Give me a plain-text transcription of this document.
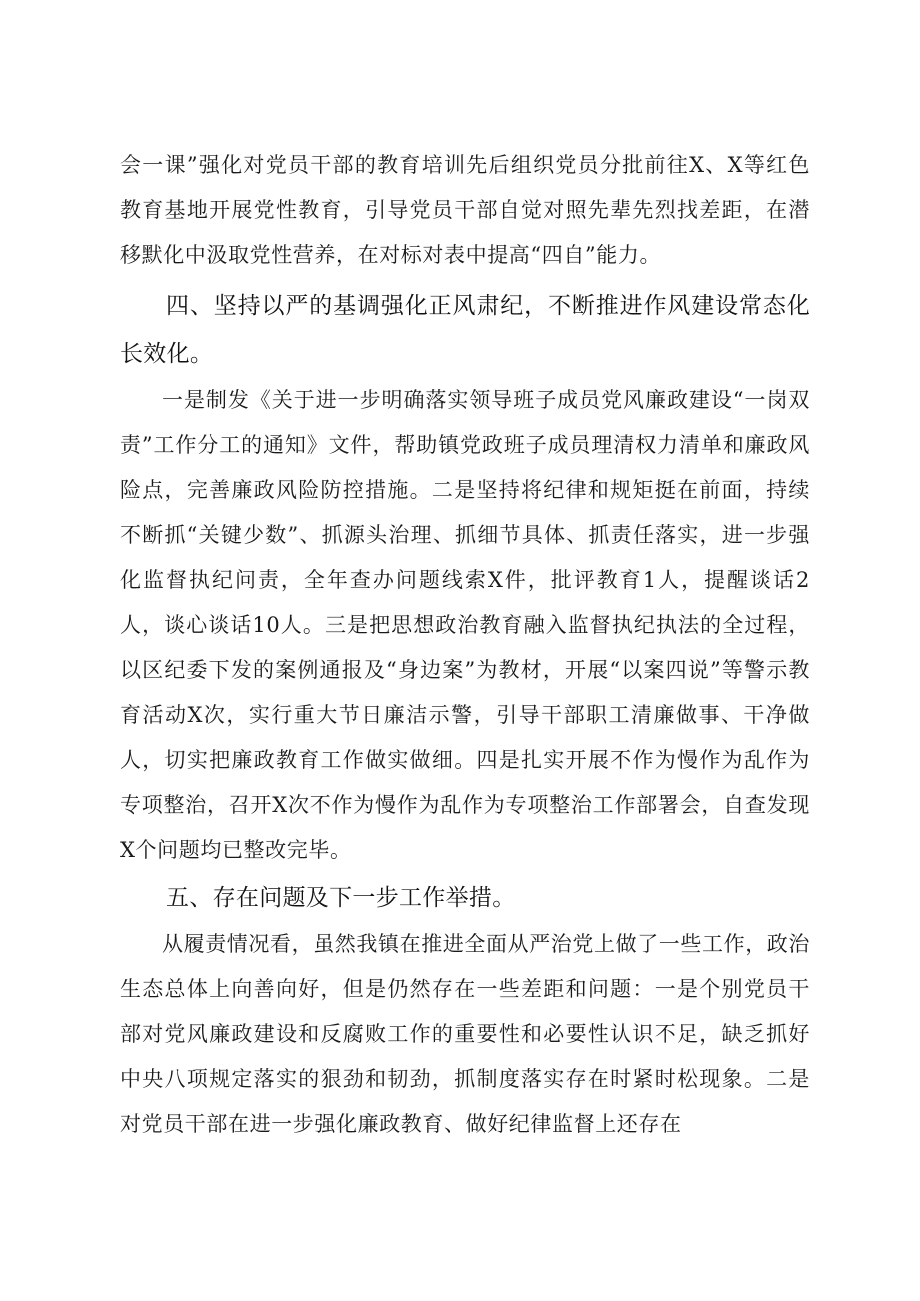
会一课”强化对党员干部的教育培训先后组织党员分批前往X、X等红色教育基地开展党性教育，引导党员干部自觉对照先辈先烈找差距，在潜移默化中汲取党性营养，在对标对表中提高“四自”能力。

四、坚持以严的基调强化正风肃纪，不断推进作风建设常态化长效化。

一是制发《关于进一步明确落实领导班子成员党风廉政建设“一岗双责”工作分工的通知》文件，帮助镇党政班子成员理清权力清单和廉政风险点，完善廉政风险防控措施。二是坚持将纪律和规矩挺在前面，持续不断抓“关键少数”、抓源头治理、抓细节具体、抓责任落实，进一步强化监督执纪问责，全年查办问题线索X件，批评教育1人，提醒谈话2人，谈心谈话10人。三是把思想政治教育融入监督执纪执法的全过程，以区纪委下发的案例通报及“身边案”为教材，开展“以案四说”等警示教育活动X次，实行重大节日廉洁示警，引导干部职工清廉做事、干净做人，切实把廉政教育工作做实做细。四是扎实开展不作为慢作为乱作为专项整治，召开X次不作为慢作为乱作为专项整治工作部署会，自查发现X个问题均已整改完毕。

五、存在问题及下一步工作举措。

从履责情况看，虽然我镇在推进全面从严治党上做了一些工作，政治生态总体上向善向好，但是仍然存在一些差距和问题：一是个别党员干部对党风廉政建设和反腐败工作的重要性和必要性认识不足，缺乏抓好中央八项规定落实的狠劲和韧劲，抓制度落实存在时紧时松现象。二是对党员干部在进一步强化廉政教育、做好纪律监督上还存在
